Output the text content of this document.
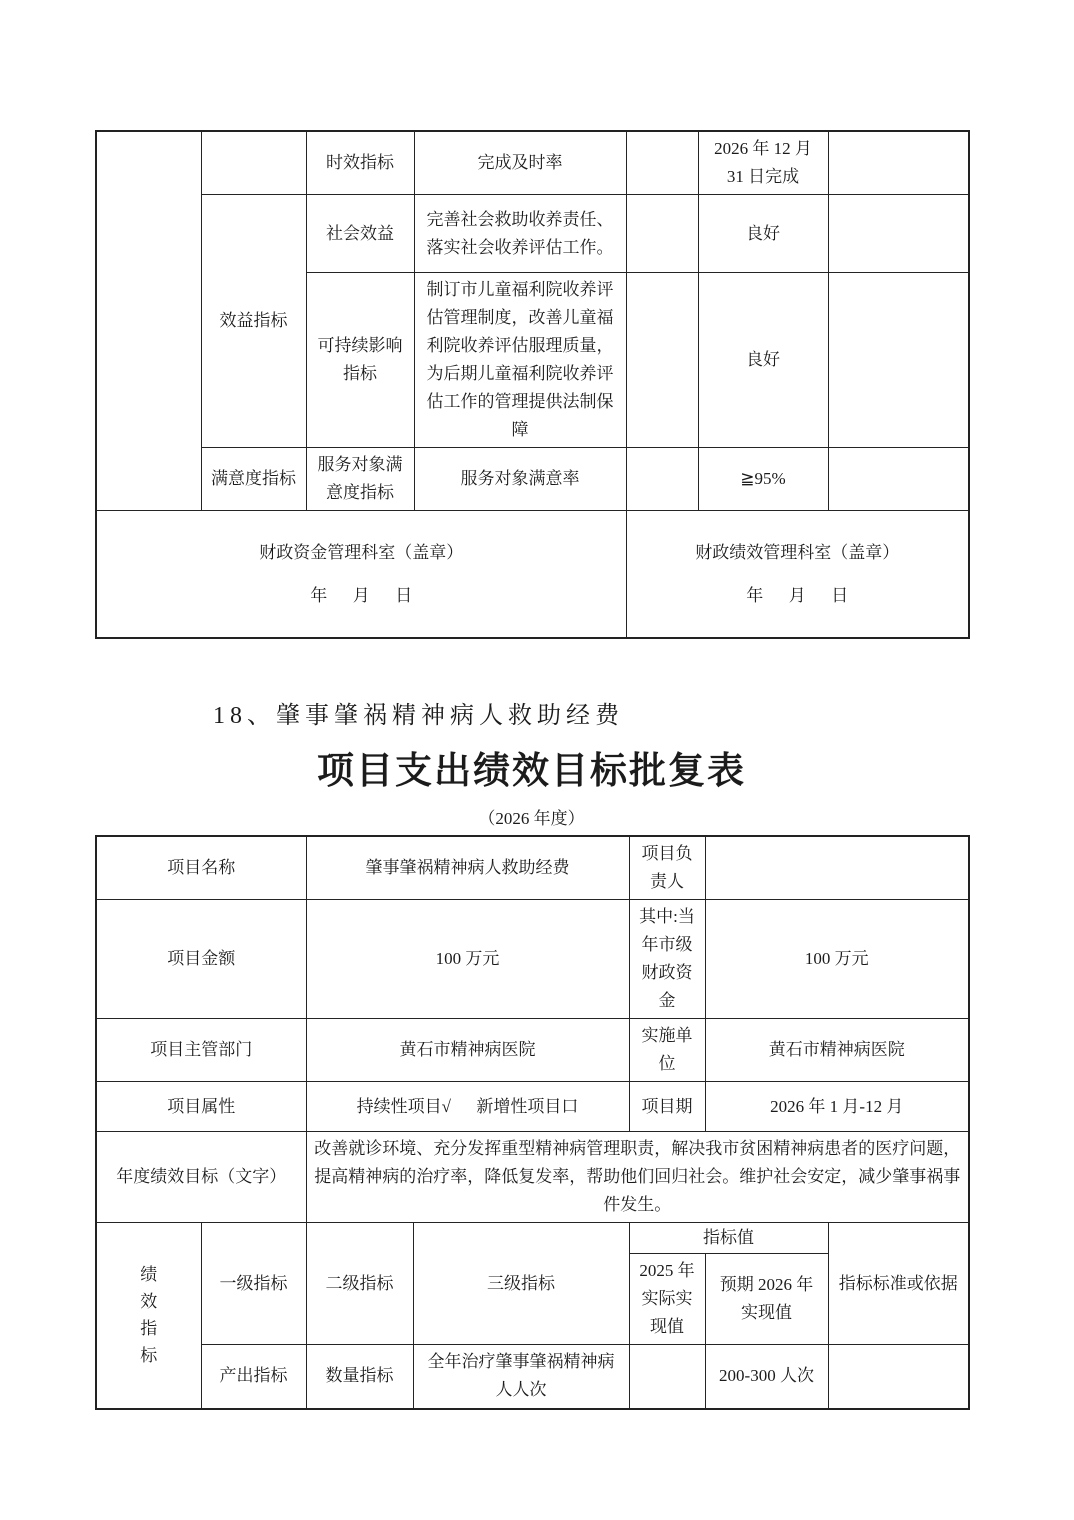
		时效指标	完成及时率		2026 年 12 月 31 日完成	
	效益指标	社会效益	完善社会救助收养责任、落实社会收养评估工作。		良好	
		可持续影响指标	制订市儿童福利院收养评估管理制度，改善儿童福利院收养评估服理质量，为后期儿童福利院收养评估工作的管理提供法制保障		良好	
	满意度指标	服务对象满意度指标	服务对象满意率		≧95%	

财政资金管理科室（盖章）
年      月      日

财政绩效管理科室（盖章）
年      月      日
18、肇事肇祸精神病人救助经费
项目支出绩效目标批复表
（2026 年度）
项目名称		肇事肇祸精神病人救助经费		项目负责人		
项目金额		100 万元		其中:当年市级财政资金	100 万元	
项目主管部门		黄石市精神病医院		实施单位	黄石市精神病医院	
项目属性		持续性项目√      新增性项目口		项目期	2026 年 1 月-12 月	
年度绩效目标（文字）		改善就诊环境、充分发挥重型精神病管理职责，解决我市贫困精神病患者的医疗问题，提高精神病的治疗率，降低复发率，帮助他们回归社会。维护社会安定，减少肇事祸事件发生。				

绩效指标	一级指标	二级指标	三级指标	指标值		指标标准或依据
				2025 年实际实现值	预期 2026 年实现值	
	产出指标	数量指标	全年治疗肇事肇祸精神病人人次		200-300 人次	
